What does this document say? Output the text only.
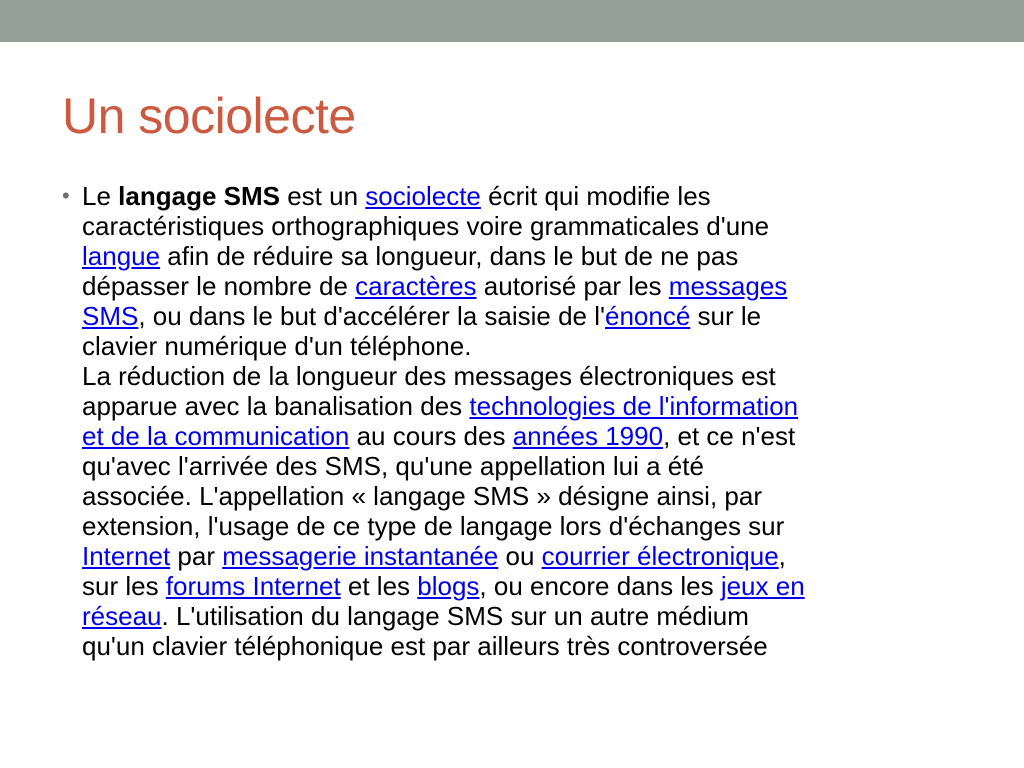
Un sociolecte
• Le langage SMS est un sociolecte écrit qui modifie les
caractéristiques orthographiques voire grammaticales d'une
langue afin de réduire sa longueur, dans le but de ne pas
dépasser le nombre de caractères autorisé par les messages
SMS, ou dans le but d'accélérer la saisie de l'énoncé sur le
clavier numérique d'un téléphone.
La réduction de la longueur des messages électroniques est
apparue avec la banalisation des technologies de l'information
et de la communication au cours des années 1990, et ce n'est
qu'avec l'arrivée des SMS, qu'une appellation lui a été
associée. L'appellation « langage SMS » désigne ainsi, par
extension, l'usage de ce type de langage lors d'échanges sur
Internet par messagerie instantanée ou courrier électronique,
sur les forums Internet et les blogs, ou encore dans les jeux en
réseau. L'utilisation du langage SMS sur un autre médium
qu'un clavier téléphonique est par ailleurs très controversée
